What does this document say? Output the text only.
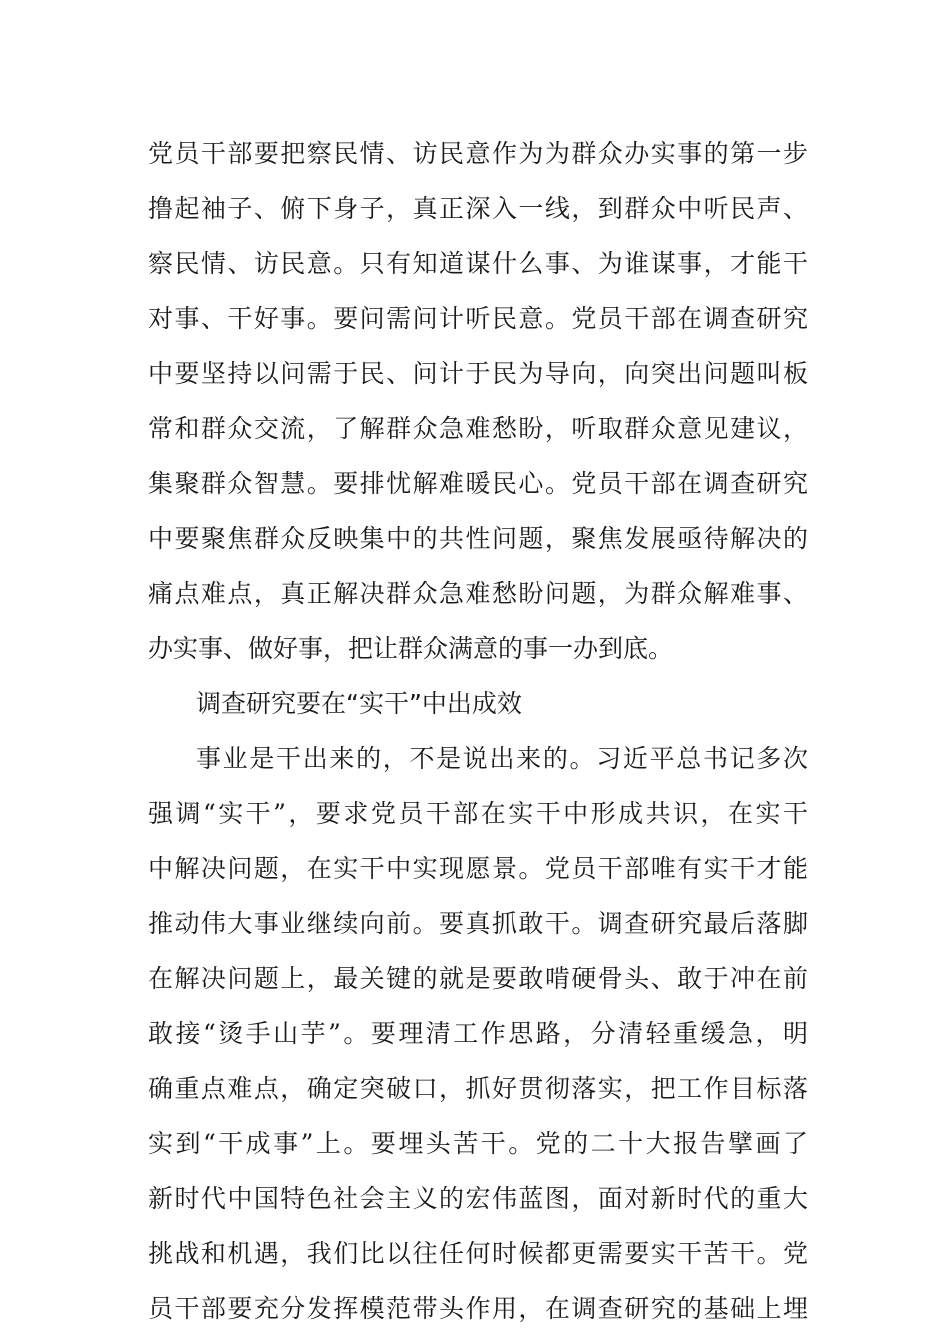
党员干部要把察民情、访民意作为为群众办实事的第一步
撸起袖子、俯下身子，真正深入一线，到群众中听民声、
察民情、访民意。只有知道谋什么事、为谁谋事，才能干
对事、干好事。要问需问计听民意。党员干部在调查研究
中要坚持以问需于民、问计于民为导向，向突出问题叫板
常和群众交流，了解群众急难愁盼，听取群众意见建议，
集聚群众智慧。要排忧解难暖民心。党员干部在调查研究
中要聚焦群众反映集中的共性问题，聚焦发展亟待解决的
痛点难点，真正解决群众急难愁盼问题，为群众解难事、
办实事、做好事，把让群众满意的事一办到底。
调查研究要在“实干”中出成效
事业是干出来的，不是说出来的。习近平总书记多次
强调“实干”，要求党员干部在实干中形成共识，在实干
中解决问题，在实干中实现愿景。党员干部唯有实干才能
推动伟大事业继续向前。要真抓敢干。调查研究最后落脚
在解决问题上，最关键的就是要敢啃硬骨头、敢于冲在前
敢接“烫手山芋”。要理清工作思路，分清轻重缓急，明
确重点难点，确定突破口，抓好贯彻落实，把工作目标落
实到“干成事”上。要埋头苦干。党的二十大报告擘画了
新时代中国特色社会主义的宏伟蓝图，面对新时代的重大
挑战和机遇，我们比以往任何时候都更需要实干苦干。党
员干部要充分发挥模范带头作用，在调查研究的基础上埋
